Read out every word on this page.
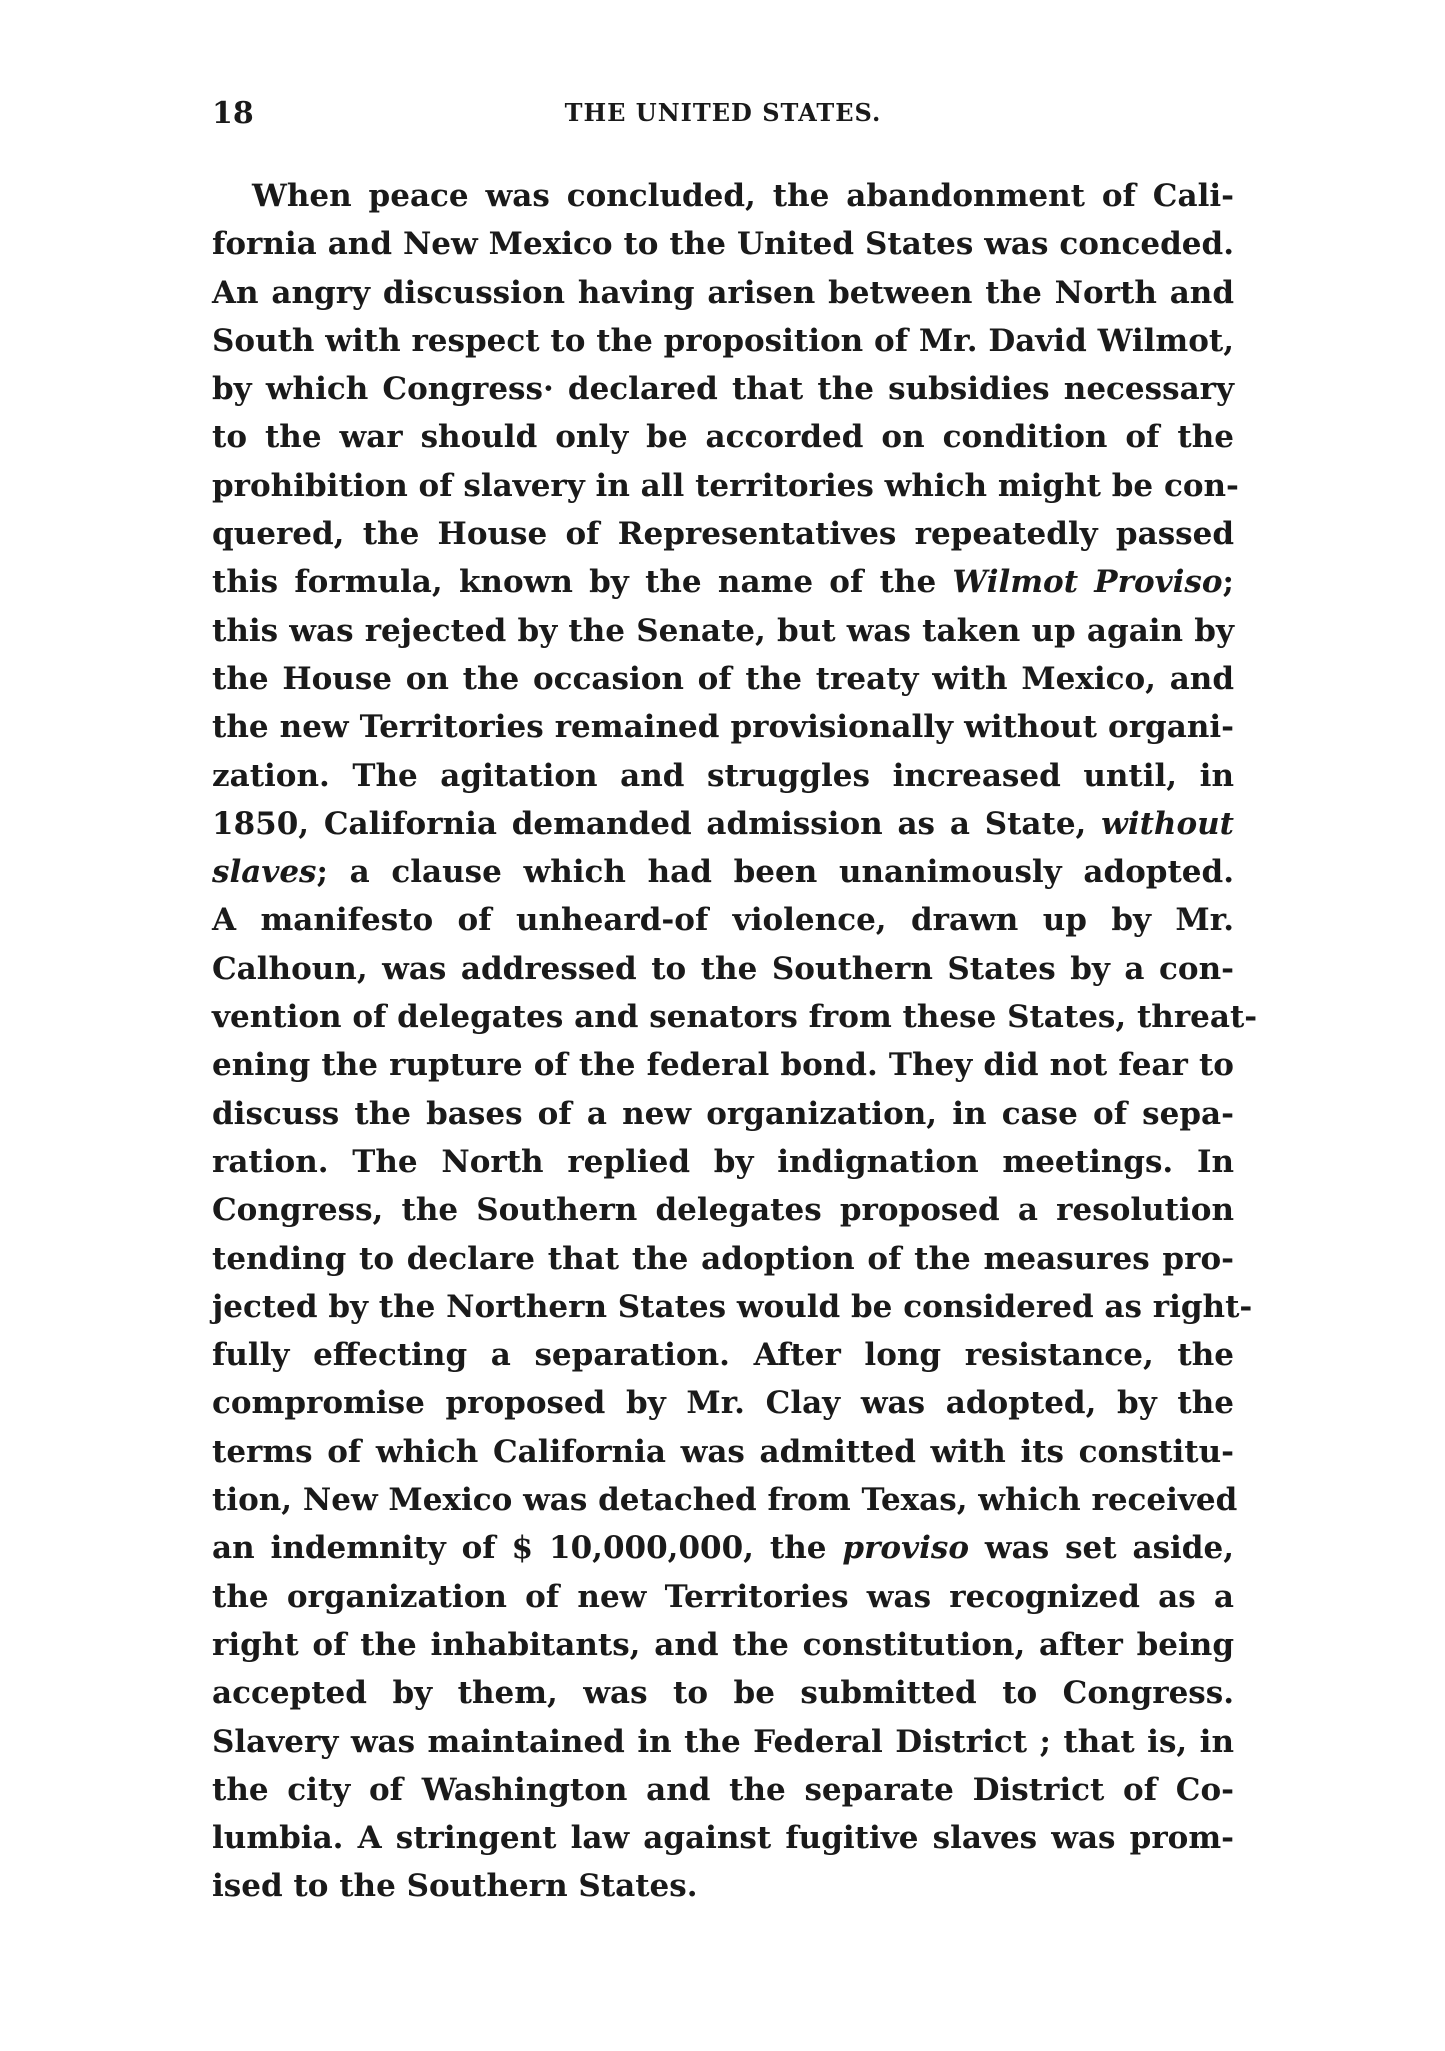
18	THE UNITED STATES.
When peace was concluded, the abandonment of Cali-
fornia and New Mexico to the United States was conceded.
An angry discussion having arisen between the North and
South with respect to the proposition of Mr. David Wilmot,
by which Congress· declared that the subsidies necessary
to the war should only be accorded on condition of the
prohibition of slavery in all territories which might be con-
quered, the House of Representatives repeatedly passed
this formula, known by the name of the Wilmot Proviso;
this was rejected by the Senate, but was taken up again by
the House on the occasion of the treaty with Mexico, and
the new Territories remained provisionally without organi-
zation. The agitation and struggles increased until, in
1850, California demanded admission as a State, without
slaves; a clause which had been unanimously adopted.
A manifesto of unheard-of violence, drawn up by Mr.
Calhoun, was addressed to the Southern States by a con-
vention of delegates and senators from these States, threat-
ening the rupture of the federal bond. They did not fear to
discuss the bases of a new organization, in case of sepa-
ration. The North replied by indignation meetings. In
Congress, the Southern delegates proposed a resolution
tending to declare that the adoption of the measures pro-
jected by the Northern States would be considered as right-
fully effecting a separation. After long resistance, the
compromise proposed by Mr. Clay was adopted, by the
terms of which California was admitted with its constitu-
tion, New Mexico was detached from Texas, which received
an indemnity of $ 10,000,000, the proviso was set aside,
the organization of new Territories was recognized as a
right of the inhabitants, and the constitution, after being
accepted by them, was to be submitted to Congress.
Slavery was maintained in the Federal District ; that is, in
the city of Washington and the separate District of Co-
lumbia. A stringent law against fugitive slaves was prom-
ised to the Southern States.
